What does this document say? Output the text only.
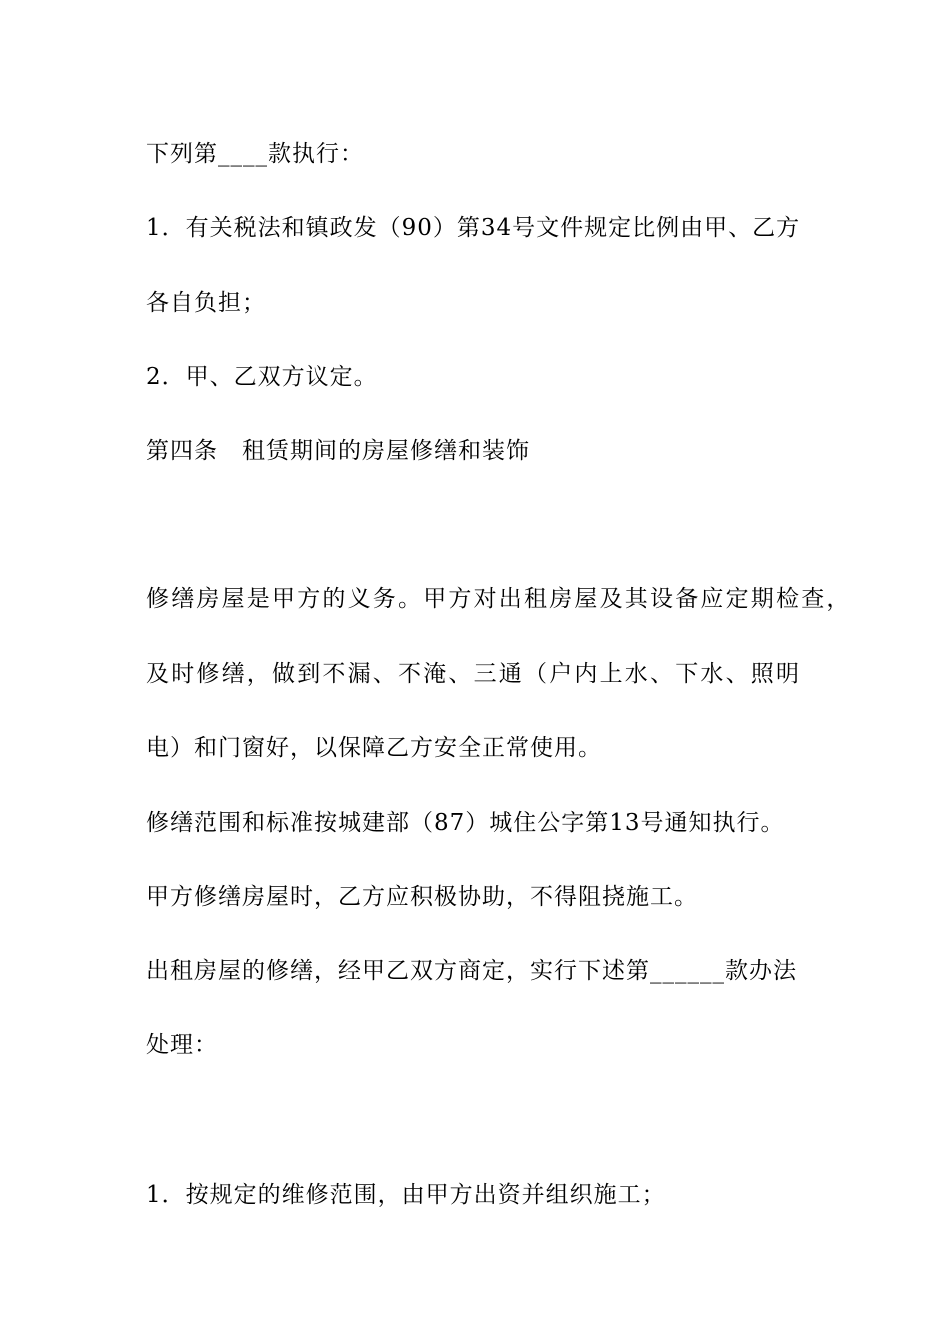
下列第____款执行：
1．有关税法和镇政发（90）第34号文件规定比例由甲、乙方
各自负担；
2．甲、乙双方议定。
第四条　租赁期间的房屋修缮和装饰
修缮房屋是甲方的义务。甲方对出租房屋及其设备应定期检查，
及时修缮，做到不漏、不淹、三通（户内上水、下水、照明
电）和门窗好，以保障乙方安全正常使用。
修缮范围和标准按城建部（87）城住公字第13号通知执行。
甲方修缮房屋时，乙方应积极协助，不得阻挠施工。
出租房屋的修缮，经甲乙双方商定，实行下述第______款办法
处理：
1．按规定的维修范围，由甲方出资并组织施工；
